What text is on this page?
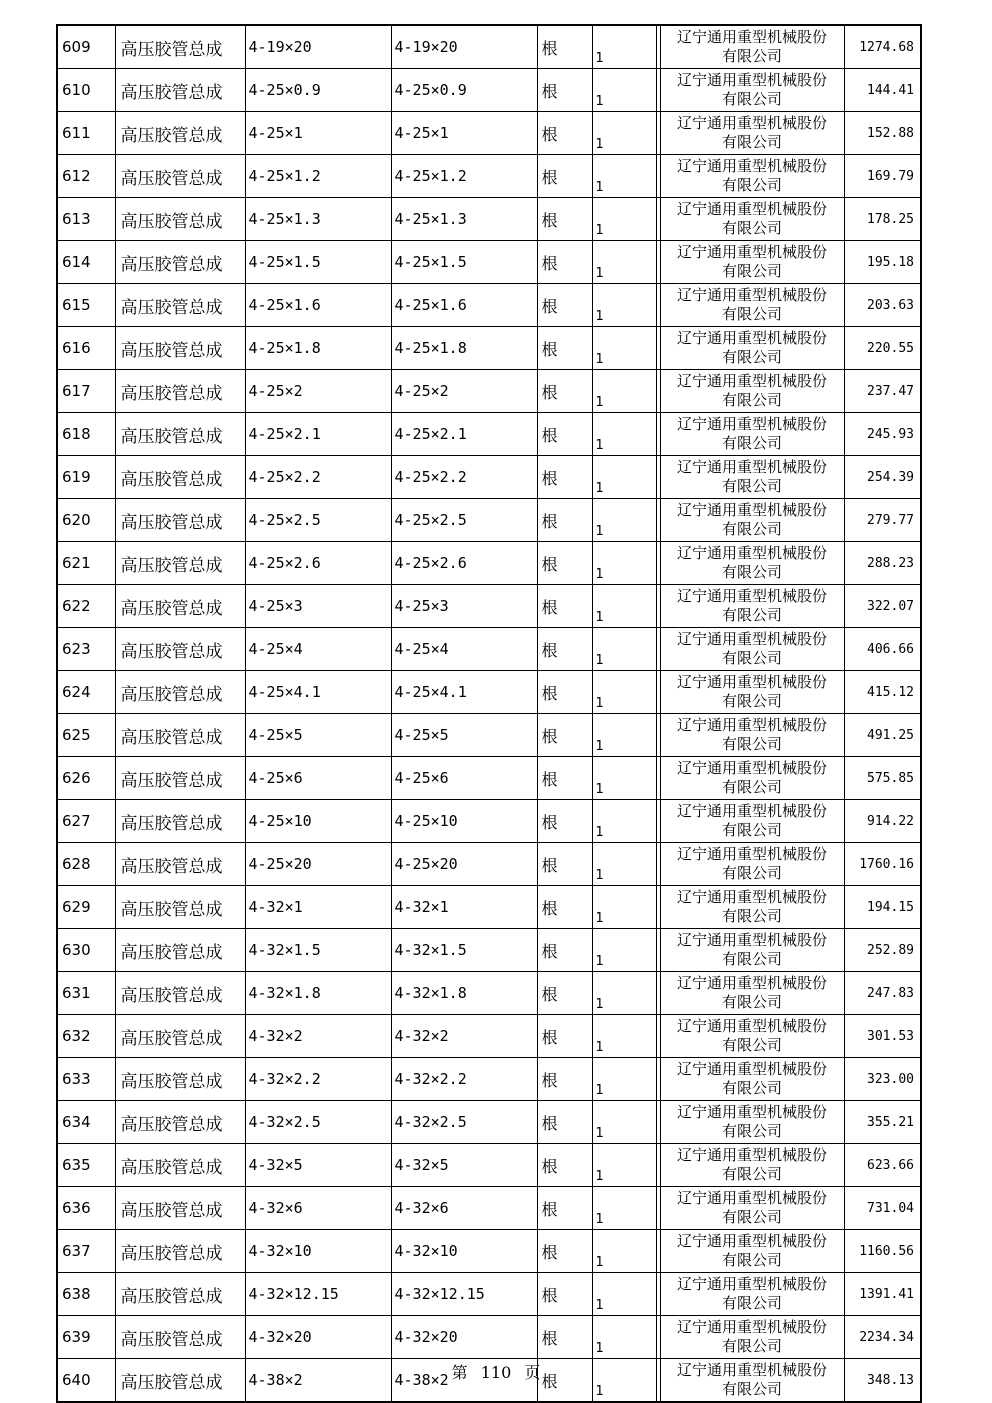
609	高压胶管总成	4-19×20	4-19×20	根	1		辽宁通用重型机械股份
有限公司	1274.68
610	高压胶管总成	4-25×0.9	4-25×0.9	根	1		辽宁通用重型机械股份
有限公司	144.41
611	高压胶管总成	4-25×1	4-25×1	根	1		辽宁通用重型机械股份
有限公司	152.88
612	高压胶管总成	4-25×1.2	4-25×1.2	根	1		辽宁通用重型机械股份
有限公司	169.79
613	高压胶管总成	4-25×1.3	4-25×1.3	根	1		辽宁通用重型机械股份
有限公司	178.25
614	高压胶管总成	4-25×1.5	4-25×1.5	根	1		辽宁通用重型机械股份
有限公司	195.18
615	高压胶管总成	4-25×1.6	4-25×1.6	根	1		辽宁通用重型机械股份
有限公司	203.63
616	高压胶管总成	4-25×1.8	4-25×1.8	根	1		辽宁通用重型机械股份
有限公司	220.55
617	高压胶管总成	4-25×2	4-25×2	根	1		辽宁通用重型机械股份
有限公司	237.47
618	高压胶管总成	4-25×2.1	4-25×2.1	根	1		辽宁通用重型机械股份
有限公司	245.93
619	高压胶管总成	4-25×2.2	4-25×2.2	根	1		辽宁通用重型机械股份
有限公司	254.39
620	高压胶管总成	4-25×2.5	4-25×2.5	根	1		辽宁通用重型机械股份
有限公司	279.77
621	高压胶管总成	4-25×2.6	4-25×2.6	根	1		辽宁通用重型机械股份
有限公司	288.23
622	高压胶管总成	4-25×3	4-25×3	根	1		辽宁通用重型机械股份
有限公司	322.07
623	高压胶管总成	4-25×4	4-25×4	根	1		辽宁通用重型机械股份
有限公司	406.66
624	高压胶管总成	4-25×4.1	4-25×4.1	根	1		辽宁通用重型机械股份
有限公司	415.12
625	高压胶管总成	4-25×5	4-25×5	根	1		辽宁通用重型机械股份
有限公司	491.25
626	高压胶管总成	4-25×6	4-25×6	根	1		辽宁通用重型机械股份
有限公司	575.85
627	高压胶管总成	4-25×10	4-25×10	根	1		辽宁通用重型机械股份
有限公司	914.22
628	高压胶管总成	4-25×20	4-25×20	根	1		辽宁通用重型机械股份
有限公司	1760.16
629	高压胶管总成	4-32×1	4-32×1	根	1		辽宁通用重型机械股份
有限公司	194.15
630	高压胶管总成	4-32×1.5	4-32×1.5	根	1		辽宁通用重型机械股份
有限公司	252.89
631	高压胶管总成	4-32×1.8	4-32×1.8	根	1		辽宁通用重型机械股份
有限公司	247.83
632	高压胶管总成	4-32×2	4-32×2	根	1		辽宁通用重型机械股份
有限公司	301.53
633	高压胶管总成	4-32×2.2	4-32×2.2	根	1		辽宁通用重型机械股份
有限公司	323.00
634	高压胶管总成	4-32×2.5	4-32×2.5	根	1		辽宁通用重型机械股份
有限公司	355.21
635	高压胶管总成	4-32×5	4-32×5	根	1		辽宁通用重型机械股份
有限公司	623.66
636	高压胶管总成	4-32×6	4-32×6	根	1		辽宁通用重型机械股份
有限公司	731.04
637	高压胶管总成	4-32×10	4-32×10	根	1		辽宁通用重型机械股份
有限公司	1160.56
638	高压胶管总成	4-32×12.15	4-32×12.15	根	1		辽宁通用重型机械股份
有限公司	1391.41
639	高压胶管总成	4-32×20	4-32×20	根	1		辽宁通用重型机械股份
有限公司	2234.34
640	高压胶管总成	4-38×2	4-38×2	根	1		辽宁通用重型机械股份
有限公司	348.13
第 110 页
